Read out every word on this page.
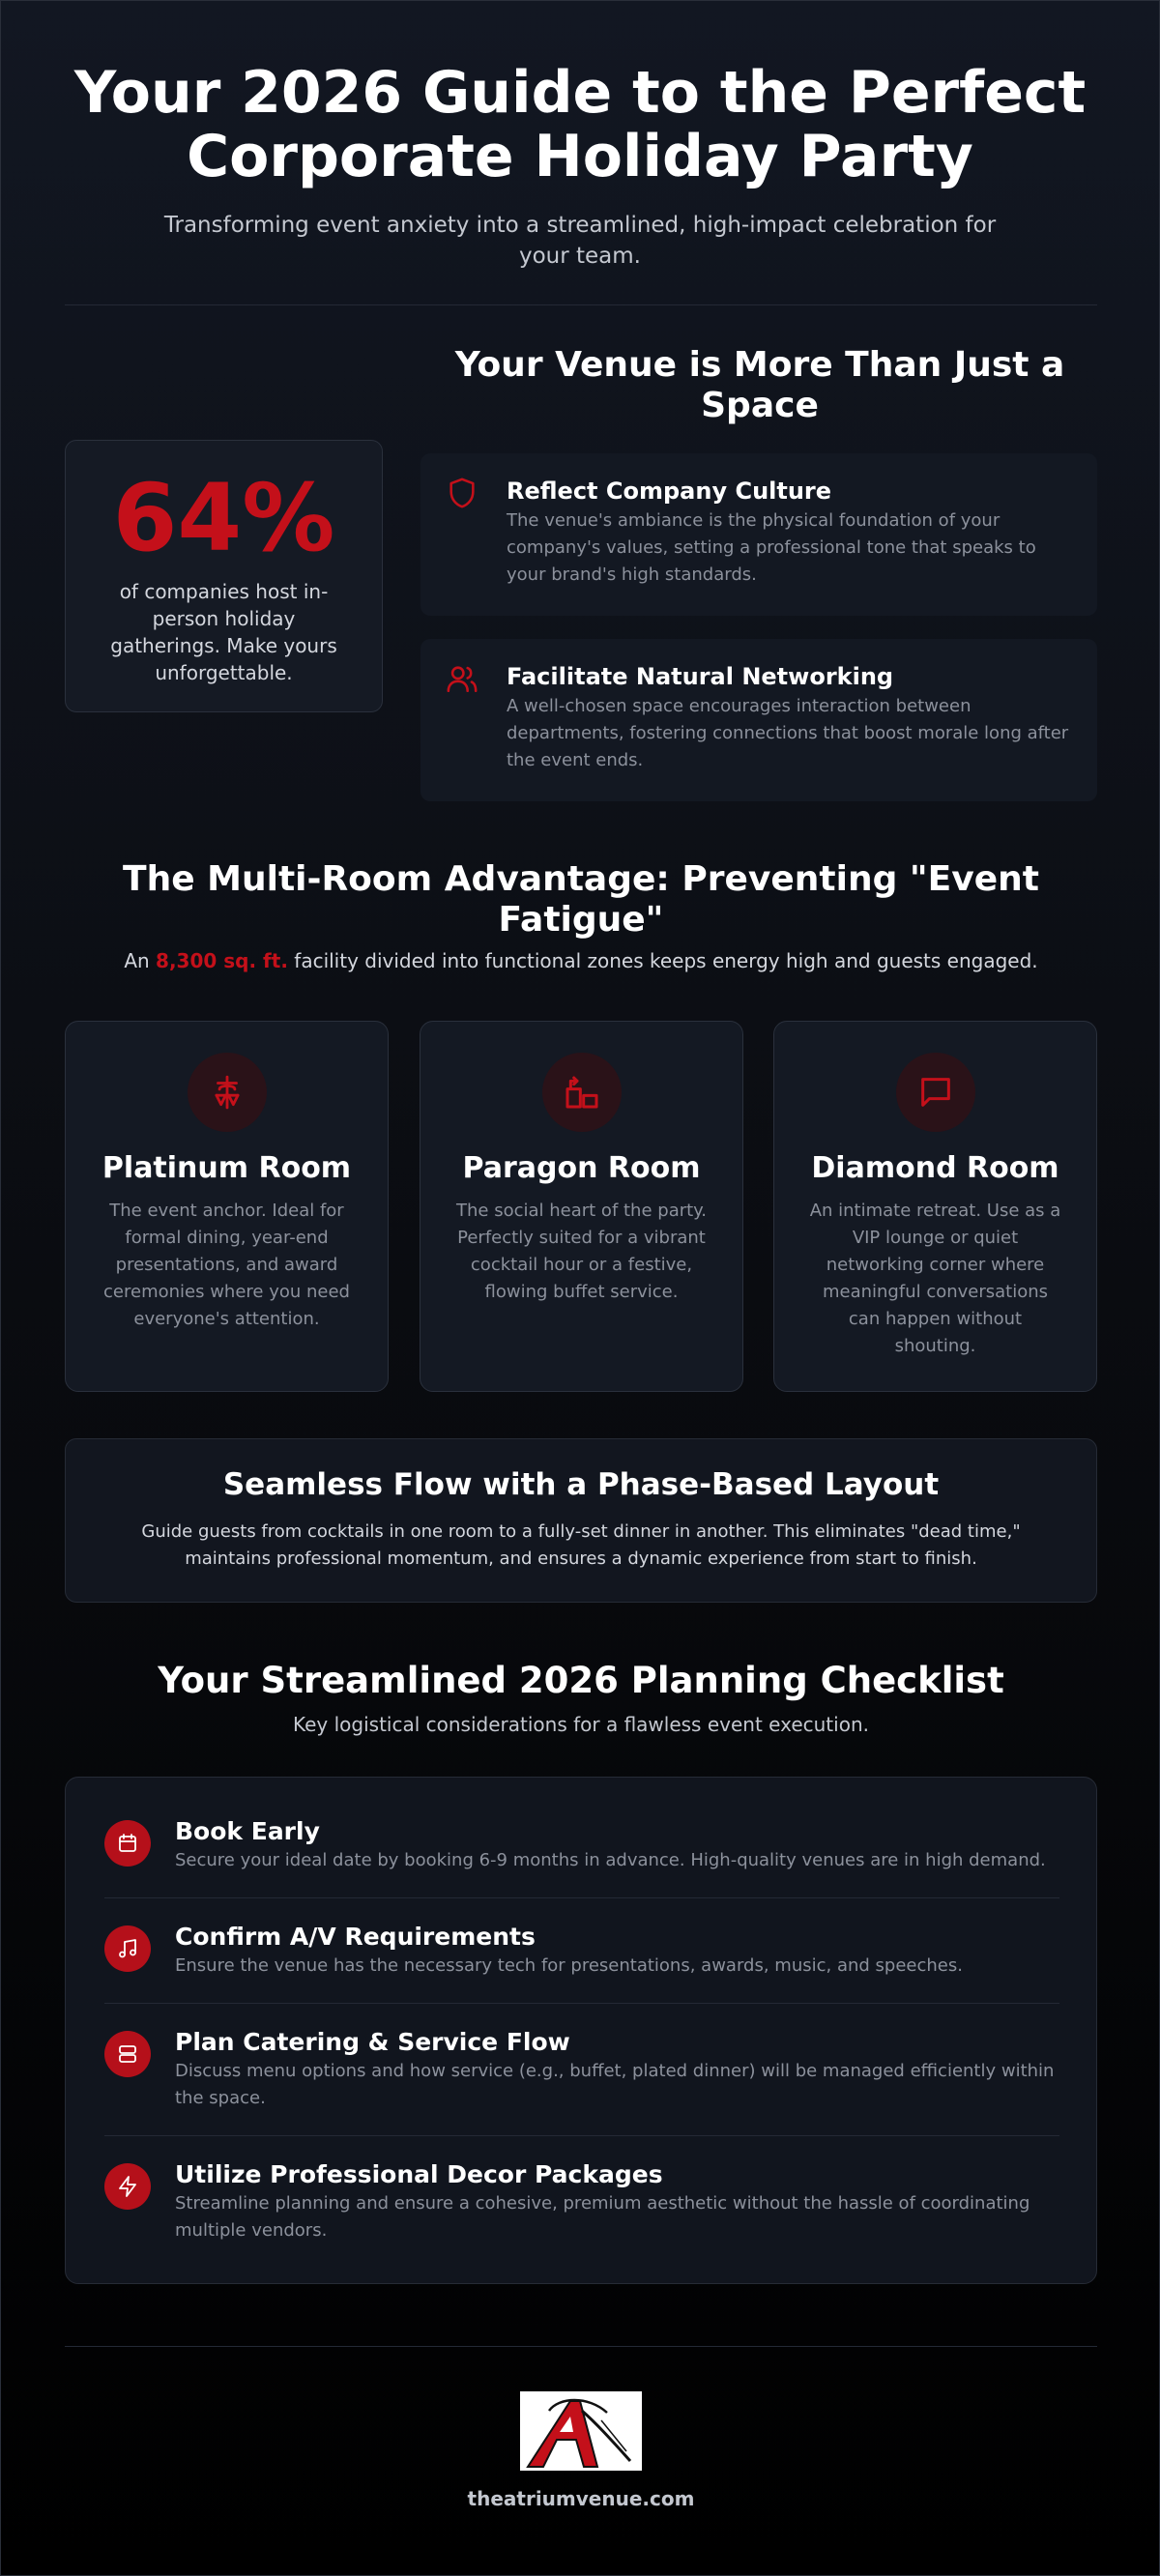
Your 2026 Guide to the Perfect Corporate Holiday Party

Transforming event anxiety into a streamlined, high-impact celebration for your team.

Your Venue is More Than Just a Space
64%
of companies host in-person holiday gatherings. Make yours unforgettable.
Reflect Company Culture

The venue's ambiance is the physical foundation of your company's values, setting a professional tone that speaks to your brand's high standards.

Facilitate Natural Networking

A well-chosen space encourages interaction between departments, fostering connections that boost morale long after the event ends.

The Multi-Room Advantage: Preventing "Event Fatigue"

An 8,300 sq. ft. facility divided into functional zones keeps energy high and guests engaged.

Platinum Room

The event anchor. Ideal for formal dining, year-end presentations, and award ceremonies where you need everyone's attention.

Paragon Room

The social heart of the party. Perfectly suited for a vibrant cocktail hour or a festive, flowing buffet service.

Diamond Room

An intimate retreat. Use as a VIP lounge or quiet networking corner where meaningful conversations can happen without shouting.

Seamless Flow with a Phase-Based Layout

Guide guests from cocktails in one room to a fully-set dinner in another. This eliminates "dead time," maintains professional momentum, and ensures a dynamic experience from start to finish.

Your Streamlined 2026 Planning Checklist

Key logistical considerations for a flawless event execution.

Book Early

Secure your ideal date by booking 6-9 months in advance. High-quality venues are in high demand.

Confirm A/V Requirements

Ensure the venue has the necessary tech for presentations, awards, music, and speeches.

Plan Catering & Service Flow

Discuss menu options and how service (e.g., buffet, plated dinner) will be managed efficiently within the space.

Utilize Professional Decor Packages

Streamline planning and ensure a cohesive, premium aesthetic without the hassle of coordinating multiple vendors.

theatriumvenue.com
